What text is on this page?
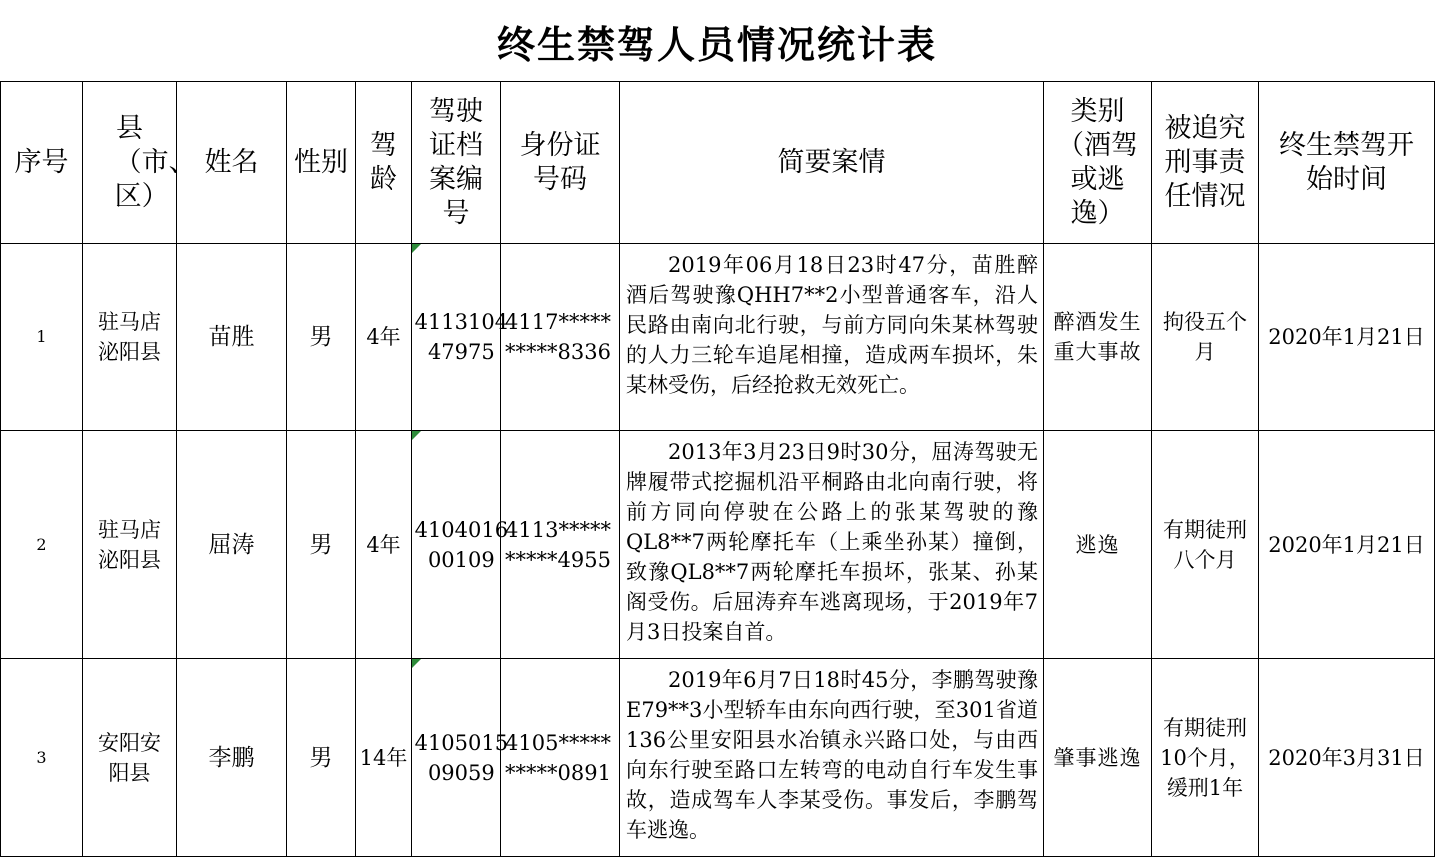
终生禁驾人员情况统计表
序号	县（市、区）	姓名	性别	驾龄	驾驶证档案编号	身份证号码	简要案情	类别（酒驾或逃逸）	被追究刑事责任情况	终生禁驾开始时间
1	驻马店泌阳县	苗胜	男	4年	411310447975	4117**********8336	2019年06月18日23时47分，苗胜醉酒后驾驶豫QHH7**2小型普通客车，沿人民路由南向北行驶，与前方同向朱某林驾驶的人力三轮车追尾相撞，造成两车损坏，朱某林受伤，后经抢救无效死亡。	醉酒发生重大事故	拘役五个月	2020年1月21日
2	驻马店泌阳县	屈涛	男	4年	410401600109	4113**********4955	2013年3月23日9时30分，屈涛驾驶无牌履带式挖掘机沿平桐路由北向南行驶，将前方同向停驶在公路上的张某驾驶的豫QL8**7两轮摩托车（上乘坐孙某）撞倒，致豫QL8**7两轮摩托车损坏，张某、孙某阁受伤。后屈涛弃车逃离现场，于2019年7月3日投案自首。	逃逸	有期徒刑八个月	2020年1月21日
3	安阳安阳县	李鹏	男	14年	410501509059	4105**********0891	2019年6月7日18时45分，李鹏驾驶豫E79**3小型轿车由东向西行驶，至301省道136公里安阳县水冶镇永兴路口处，与由西向东行驶至路口左转弯的电动自行车发生事故，造成驾车人李某受伤。事发后，李鹏驾车逃逸。	肇事逃逸	有期徒刑10个月，缓刑1年	2020年3月31日
